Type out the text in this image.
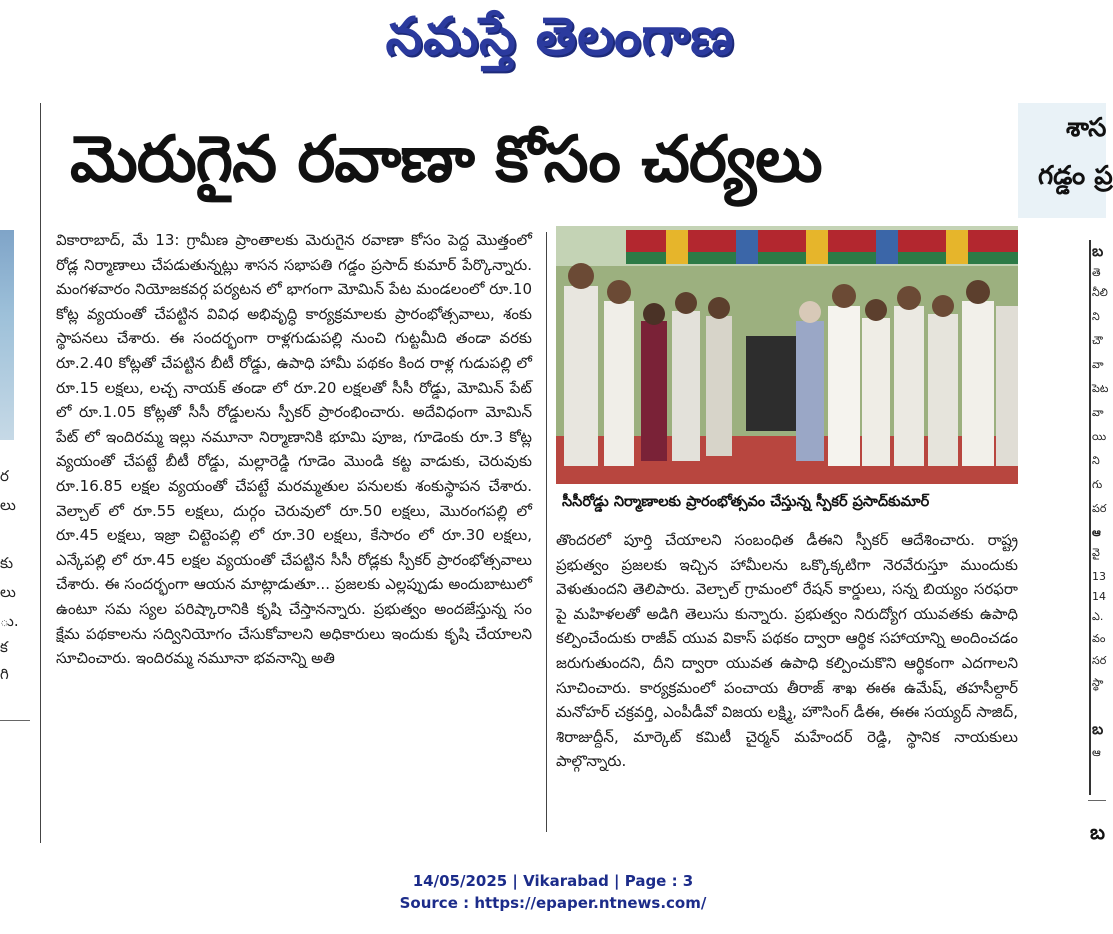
నమస్తే తెలంగాణ
మెరుగైన రవాణా కోసం చర్యలు	శాస
గడ్డం ప్ర
ర
లు
కు
లు
ు.
క
గి

వికారాబాద్, మే 13: గ్రామీణ ప్రాంతాలకు మెరుగైన రవాణా కోసం పెద్ద మొత్తంలో రోడ్ల నిర్మాణాలు చేపడుతున్నట్లు శాసన సభాపతి గడ్డం ప్రసాద్ కుమార్ పేర్కొన్నారు. మంగళవారం నియోజకవర్గ పర్యటన లో భాగంగా మోమిన్ పేట మండలంలో రూ.10 కోట్ల వ్యయంతో చేపట్టిన వివిధ అభివృద్ధి కార్యక్రమాలకు ప్రారంభోత్సవాలు, శంకు స్థాపనలు చేశారు. ఈ సందర్భంగా రాళ్లగుడుపల్లి నుంచి గుట్టమీది తండా వరకు రూ.2.40 కోట్లతో చేపట్టిన బీటీ రోడ్డు, ఉపాధి హామీ పథకం కింద రాళ్ల గుడుపల్లి లో రూ.15 లక్షలు, లచ్చ నాయక్ తండా లో రూ.20 లక్షలతో సీసీ రోడ్డు, మోమిన్ పేట్ లో రూ.1.05 కోట్లతో సీసీ రోడ్డులను స్పీకర్ ప్రారంభించారు. అదేవిధంగా మోమిన్ పేట్ లో ఇందిరమ్మ ఇల్లు నమూనా నిర్మాణానికి భూమి పూజ, గూడెంకు రూ.3 కోట్ల వ్యయంతో చేపట్టే బీటీ రోడ్డు, మల్లారెడ్డి గూడెం మొండి కట్ట వాడుకు, చెరువుకు రూ.16.85 లక్షల వ్యయంతో చేపట్టే మరమ్మతుల పనులకు శంకుస్థాపన చేశారు. వెల్చాల్ లో రూ.55 లక్షలు, దుర్గం చెరువులో రూ.50 లక్షలు, మొరంగపల్లి లో రూ.45 లక్షలు, ఇజ్రా చిట్టెంపల్లి లో రూ.30 లక్షలు, కేసారం లో రూ.30 లక్షలు, ఎన్కేపల్లి లో రూ.45 లక్షల వ్యయంతో చేపట్టిన సీసీ రోడ్లకు స్పీకర్ ప్రారంభోత్సవాలు చేశారు. ఈ సందర్భంగా ఆయన మాట్లాడుతూ... ప్రజలకు ఎల్లప్పుడు అందుబాటులో ఉంటూ సమ స్యల పరిష్కారానికి కృషి చేస్తానన్నారు. ప్రభుత్వం అందజేస్తున్న సం క్షేమ పథకాలను సద్వినియోగం చేసుకోవాలని అధికారులు ఇందుకు కృషి చేయాలని సూచించారు. ఇందిరమ్మ నమూనా భవనాన్ని అతి

సీసీరోడ్డు నిర్మాణాలకు ప్రారంభోత్సవం చేస్తున్న స్పీకర్ ప్రసాద్‌కుమార్

తొందరలో పూర్తి చేయాలని సంబంధిత డీఈని స్పీకర్ ఆదేశించారు. రాష్ట్ర ప్రభుత్వం ప్రజలకు ఇచ్చిన హామీలను ఒక్కొక్కటిగా నెరవేరుస్తూ ముందుకు వెళుతుందని తెలిపారు. వెల్చాల్ గ్రామంలో రేషన్ కార్డులు, సన్న బియ్యం సరఫరా పై మహిళలతో అడిగి తెలుసు కున్నారు. ప్రభుత్వం నిరుద్యోగ యువతకు ఉపాధి కల్పించేందుకు రాజీవ్ యువ వికాస్ పథకం ద్వారా ఆర్థిక సహాయాన్ని అందించడం జరుగుతుందని, దీని ద్వారా యువత ఉపాధి కల్పించుకొని ఆర్థికంగా ఎదగాలని సూచించారు. కార్యక్రమంలో పంచాయ తీరాజ్ శాఖ ఈఈ ఉమేష్, తహసీల్దార్ మనోహర్ చక్రవర్తి, ఎంపీడీవో విజయ లక్ష్మి, హౌసింగ్ డీఈ, ఈఈ సయ్యద్ సాజిద్, శిరాజుద్దీన్, మార్కెట్ కమిటీ చైర్మన్ మహేందర్ రెడ్డి, స్థానిక నాయకులు పాల్గొన్నారు.

బ
తె
నీలి
ని
చౌ
వా
పెట
వా
యి
ని
గు
పర
ఆ
వై
13
14
ఎ.
వం
సర
స్థా
బ
ఆ
బ
14/05/2025 | Vikarabad | Page : 3
Source : https://epaper.ntnews.com/
